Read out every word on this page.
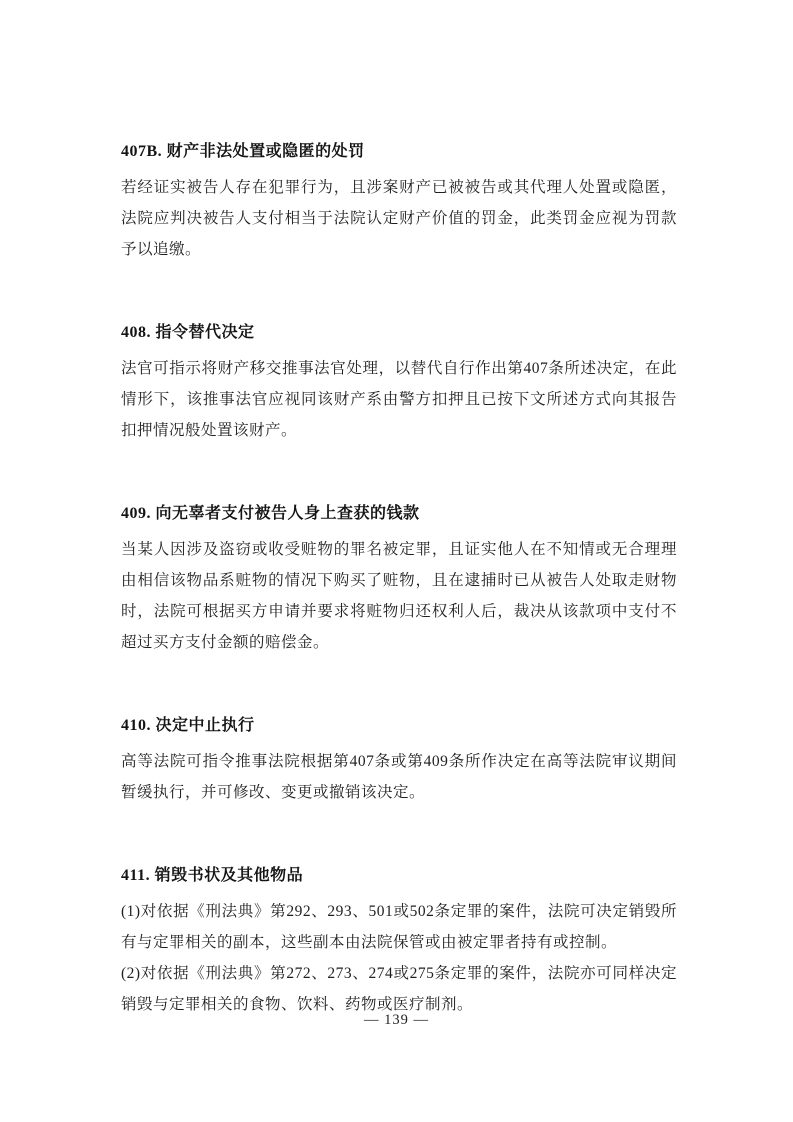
407B. 财产非法处置或隐匿的处罚

若经证实被告人存在犯罪行为，且涉案财产已被被告或其代理人处置或隐匿，法院应判决被告人支付相当于法院认定财产价值的罚金，此类罚金应视为罚款予以追缴。

408. 指令替代决定

法官可指示将财产移交推事法官处理，以替代自行作出第407条所述决定，在此情形下，该推事法官应视同该财产系由警方扣押且已按下文所述方式向其报告扣押情况般处置该财产。

409. 向无辜者支付被告人身上查获的钱款

当某人因涉及盗窃或收受赃物的罪名被定罪，且证实他人在不知情或无合理理由相信该物品系赃物的情况下购买了赃物，且在逮捕时已从被告人处取走财物时，法院可根据买方申请并要求将赃物归还权利人后，裁决从该款项中支付不超过买方支付金额的赔偿金。

410. 决定中止执行

高等法院可指令推事法院根据第407条或第409条所作决定在高等法院审议期间暂缓执行，并可修改、变更或撤销该决定。

411. 销毁书状及其他物品

(1)对依据《刑法典》第292、293、501或502条定罪的案件，法院可决定销毁所有与定罪相关的副本，这些副本由法院保管或由被定罪者持有或控制。

(2)对依据《刑法典》第272、273、274或275条定罪的案件，法院亦可同样决定销毁与定罪相关的食物、饮料、药物或医疗制剂。

— 139 —
